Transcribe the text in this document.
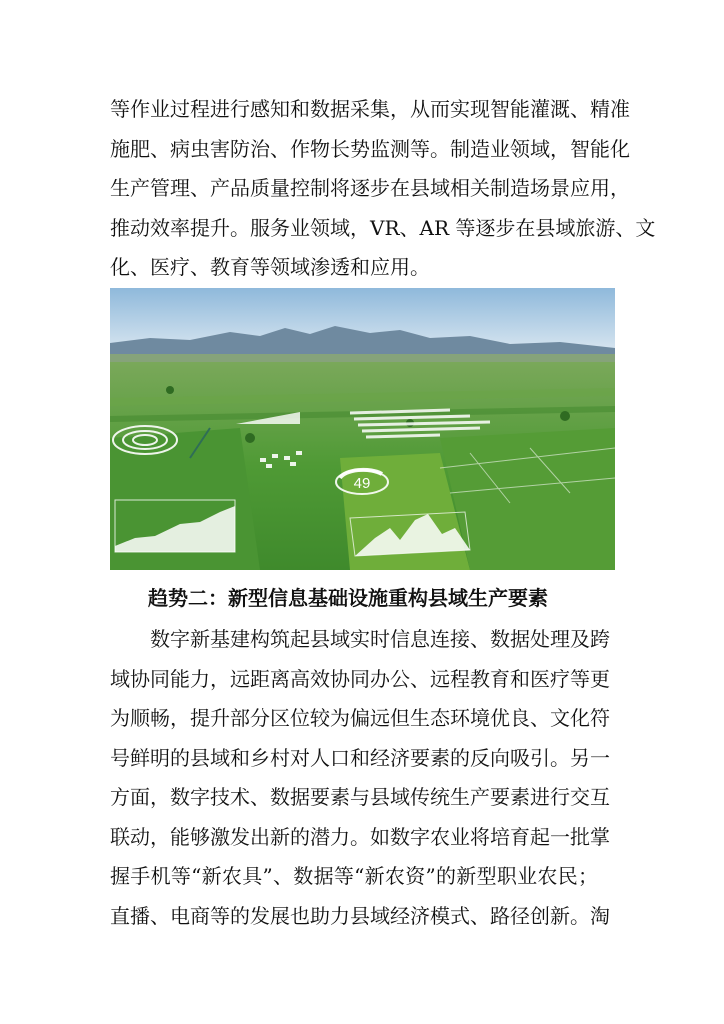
等作业过程进行感知和数据采集，从而实现智能灌溉、精准
施肥、病虫害防治、作物长势监测等。制造业领域，智能化
生产管理、产品质量控制将逐步在县域相关制造场景应用，
推动效率提升。服务业领域，VR、AR 等逐步在县域旅游、文
化、医疗、教育等领域渗透和应用。
49

趋势二：新型信息基础设施重构县域生产要素

数字新基建构筑起县域实时信息连接、数据处理及跨
域协同能力，远距离高效协同办公、远程教育和医疗等更
为顺畅，提升部分区位较为偏远但生态环境优良、文化符
号鲜明的县域和乡村对人口和经济要素的反向吸引。另一
方面，数字技术、数据要素与县域传统生产要素进行交互
联动，能够激发出新的潜力。如数字农业将培育起一批掌
握手机等“新农具”、数据等“新农资”的新型职业农民；
直播、电商等的发展也助力县域经济模式、路径创新。淘
